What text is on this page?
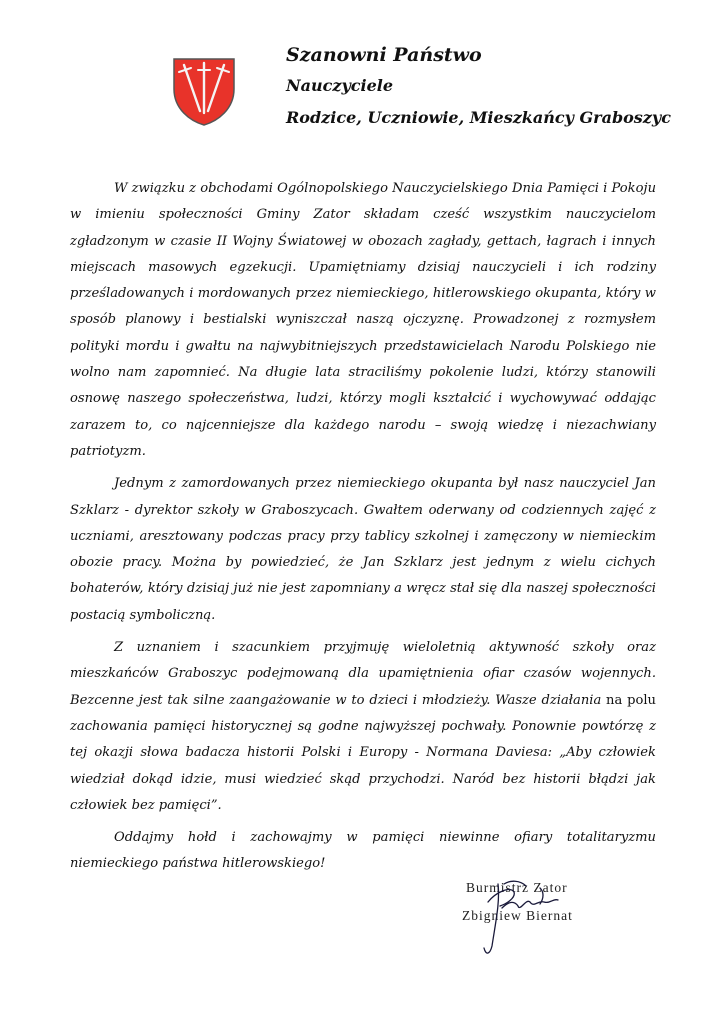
Szanowni Państwo
Nauczyciele
Rodzice, Uczniowie, Mieszkańcy Graboszyc

W związku z obchodami Ogólnopolskiego Nauczycielskiego Dnia Pamięci i Pokoju w imieniu społeczności Gminy Zator składam cześć wszystkim nauczycielom zgładzonym w czasie II Wojny Światowej w obozach zagłady, gettach, łagrach i innych miejscach masowych egzekucji. Upamiętniamy dzisiaj nauczycieli i ich rodziny prześladowanych i mordowanych przez niemieckiego, hitlerowskiego okupanta, który w sposób planowy i bestialski wyniszczał naszą ojczyznę. Prowadzonej z rozmysłem polityki mordu i gwałtu na najwybitniejszych przedstawicielach Narodu Polskiego nie wolno nam zapomnieć. Na długie lata straciliśmy pokolenie ludzi, którzy stanowili osnowę naszego społeczeństwa, ludzi, którzy mogli kształcić i wychowywać oddając zarazem to, co najcenniejsze dla każdego narodu – swoją wiedzę i niezachwiany patriotyzm.

Jednym z zamordowanych przez niemieckiego okupanta był nasz nauczyciel Jan Szklarz - dyrektor szkoły w Graboszycach. Gwałtem oderwany od codziennych zajęć z uczniami, aresztowany podczas pracy przy tablicy szkolnej i zamęczony w niemieckim obozie pracy. Można by powiedzieć, że Jan Szklarz jest jednym z wielu cichych bohaterów, który dzisiaj już nie jest zapomniany a wręcz stał się dla naszej społeczności postacią symboliczną.

Z uznaniem i szacunkiem przyjmuję wieloletnią aktywność szkoły oraz mieszkańców Graboszyc podejmowaną dla upamiętnienia ofiar czasów wojennych. Bezcenne jest tak silne zaangażowanie w to dzieci i młodzieży. Wasze działania na polu zachowania pamięci historycznej są godne najwyższej pochwały. Ponownie powtórzę z tej okazji słowa badacza historii Polski i Europy - Normana Daviesa: „Aby człowiek wiedział dokąd idzie, musi wiedzieć skąd przychodzi. Naród bez historii błądzi jak człowiek bez pamięci”.

Oddajmy hołd i zachowajmy w pamięci niewinne ofiary totalitaryzmu niemieckiego państwa hitlerowskiego!

Burmistrz Zator
Zbigniew Biernat
